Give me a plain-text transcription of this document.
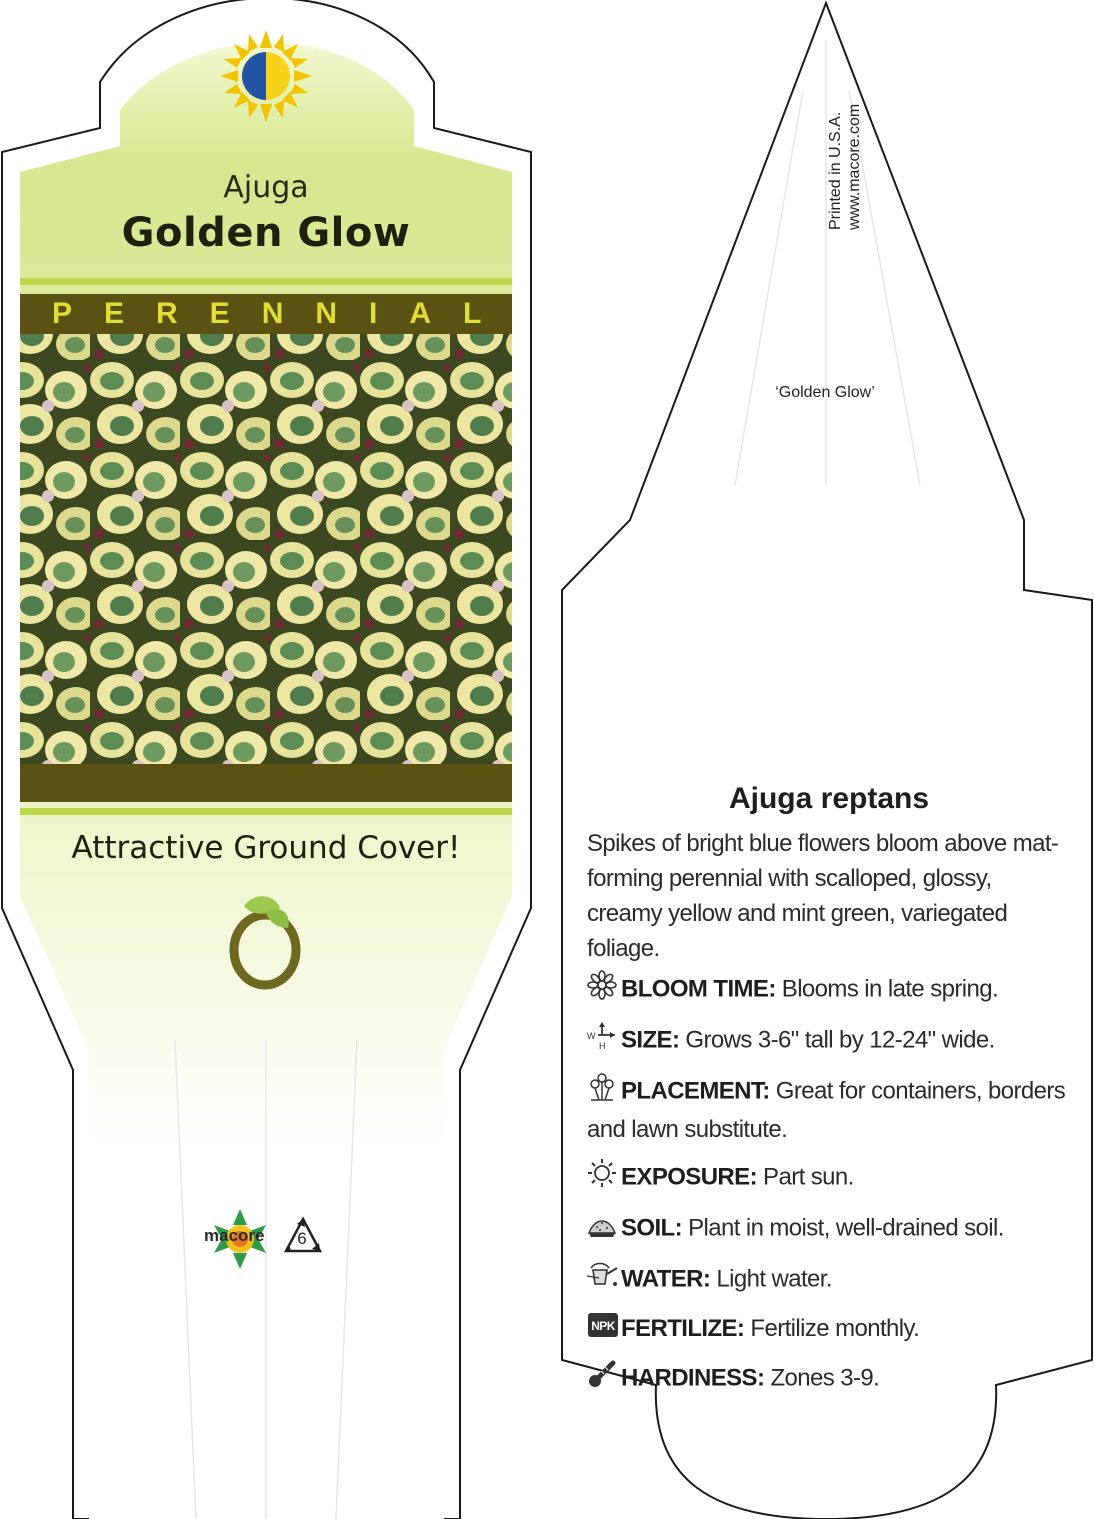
Ajuga
Golden Glow
PERENNIAL
Attractive Ground Cover!
macore	6
Printed in U.S.A. www.macore.com
‘Golden Glow’
Ajuga reptans
Spikes of bright blue flowers bloom above mat-forming perennial with scalloped, glossy, creamy yellow and mint green, variegated foliage.
BLOOM TIME: Blooms in late spring.
W
H SIZE: Grows 3-6" tall by 12-24" wide.
PLACEMENT: Great for containers, borders and lawn substitute.
EXPOSURE: Part sun.
SOIL: Plant in moist, well-drained soil.
WATER: Light water.
NPK FERTILIZE: Fertilize monthly.
HARDINESS: Zones 3-9.
